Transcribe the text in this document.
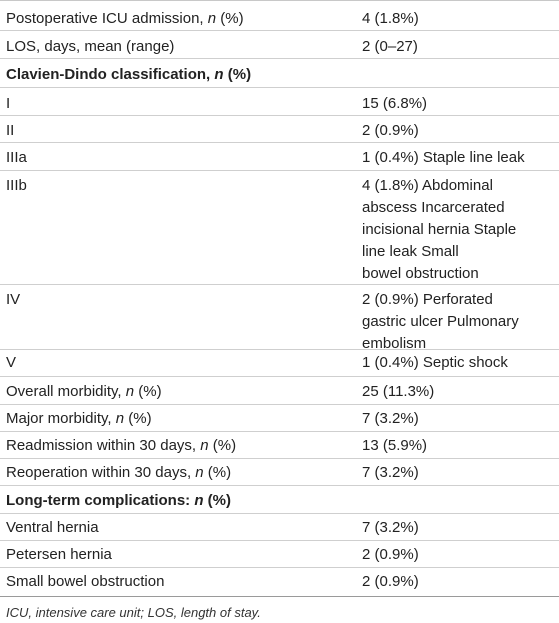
Postoperative ICU admission, n (%)	4 (1.8%)
LOS, days, mean (range)	2 (0–27)
Clavien-Dindo classification, n (%)
I	15 (6.8%)
II	2 (0.9%)
IIIa	1 (0.4%) Staple line leak
IIIb	4 (1.8%) Abdominal
abscess Incarcerated
incisional hernia Staple
line leak Small
bowel obstruction
IV	2 (0.9%) Perforated
gastric ulcer Pulmonary
embolism
V	1 (0.4%) Septic shock
Overall morbidity, n (%)	25 (11.3%)
Major morbidity, n (%)	7 (3.2%)
Readmission within 30 days, n (%)	13 (5.9%)
Reoperation within 30 days, n (%)	7 (3.2%)
Long-term complications: n (%)
Ventral hernia	7 (3.2%)
Petersen hernia	2 (0.9%)
Small bowel obstruction	2 (0.9%)
ICU, intensive care unit; LOS, length of stay.
